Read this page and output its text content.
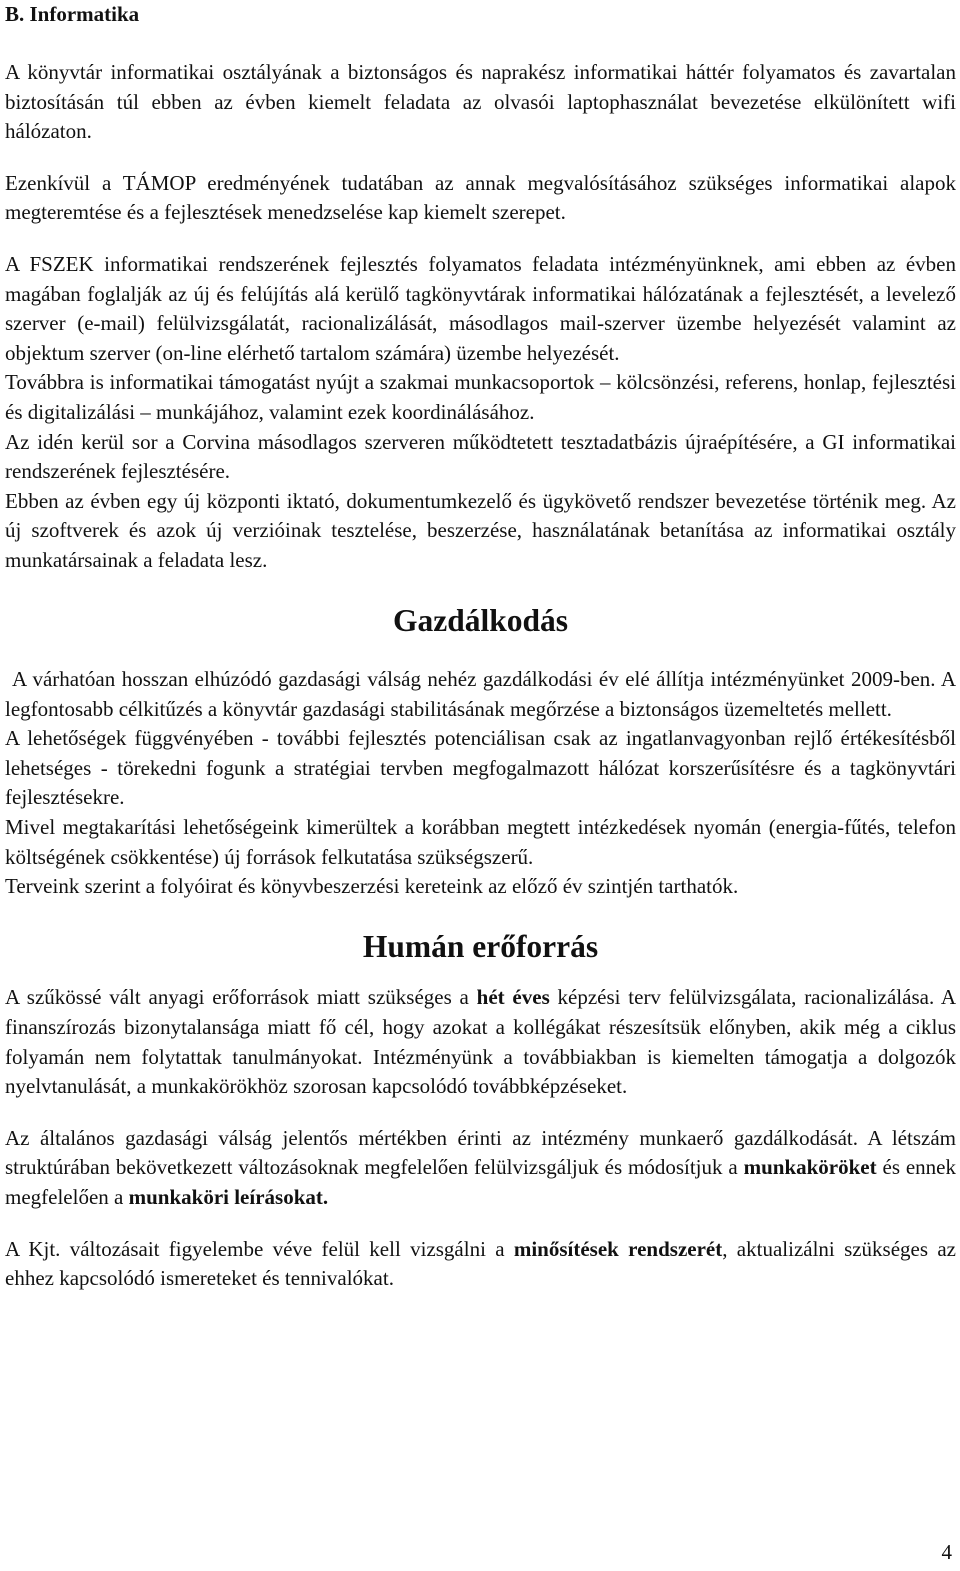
B. Informatika

A könyvtár informatikai osztályának a biztonságos és naprakész informatikai háttér folyamatos és zavartalan biztosításán túl ebben az évben kiemelt feladata az olvasói laptophasználat bevezetése elkülönített wifi hálózaton.

Ezenkívül a TÁMOP eredményének tudatában az annak megvalósításához szükséges informatikai alapok megteremtése és a fejlesztések menedzselése kap kiemelt szerepet.

A FSZEK informatikai rendszerének fejlesztés folyamatos feladata intézményünknek, ami ebben az évben magában foglalják az új és felújítás alá kerülő tagkönyvtárak informatikai hálózatának a fejlesztését, a levelező szerver (e-mail) felülvizsgálatát, racionalizálását, másodlagos mail-szerver üzembe helyezését valamint az objektum szerver (on-line elérhető tartalom számára) üzembe helyezését.

Továbbra is informatikai támogatást nyújt a szakmai munkacsoportok – kölcsönzési, referens, honlap, fejlesztési és digitalizálási – munkájához, valamint ezek koordinálásához.

Az idén kerül sor a Corvina másodlagos szerveren működtetett tesztadatbázis újraépítésére, a GI informatikai rendszerének fejlesztésére.

Ebben az évben egy új központi iktató, dokumentumkezelő és ügykövető rendszer bevezetése történik meg. Az új szoftverek és azok új verzióinak tesztelése, beszerzése, használatának betanítása az informatikai osztály munkatársainak a feladata lesz.

Gazdálkodás

A várhatóan hosszan elhúzódó gazdasági válság nehéz gazdálkodási év elé állítja intézményünket 2009-ben. A legfontosabb célkitűzés a könyvtár gazdasági stabilitásának megőrzése a biztonságos üzemeltetés mellett.

A lehetőségek függvényében - további fejlesztés potenciálisan csak az ingatlanvagyonban rejlő értékesítésből lehetséges - törekedni fogunk a stratégiai tervben megfogalmazott hálózat korszerűsítésre és a tagkönyvtári fejlesztésekre.

Mivel megtakarítási lehetőségeink kimerültek a korábban megtett intézkedések nyomán (energia-fűtés, telefon költségének csökkentése) új források felkutatása szükségszerű.

Terveink szerint a folyóirat és könyvbeszerzési kereteink az előző év szintjén tarthatók.

Humán erőforrás

A szűkössé vált anyagi erőforrások miatt szükséges a hét éves képzési terv felülvizsgálata, racionalizálása. A finanszírozás bizonytalansága miatt fő cél, hogy azokat a kollégákat részesítsük előnyben, akik még a ciklus folyamán nem folytattak tanulmányokat. Intézményünk a továbbiakban is kiemelten támogatja a dolgozók nyelvtanulását, a munkakörökhöz szorosan kapcsolódó továbbképzéseket.

Az általános gazdasági válság jelentős mértékben érinti az intézmény munkaerő gazdálkodását. A létszám struktúrában bekövetkezett változásoknak megfelelően felülvizsgáljuk és módosítjuk a munkaköröket és ennek megfelelően a munkaköri leírásokat.

A Kjt. változásait figyelembe véve felül kell vizsgálni a minősítések rendszerét, aktualizálni szükséges az ehhez kapcsolódó ismereteket és tennivalókat.

4
